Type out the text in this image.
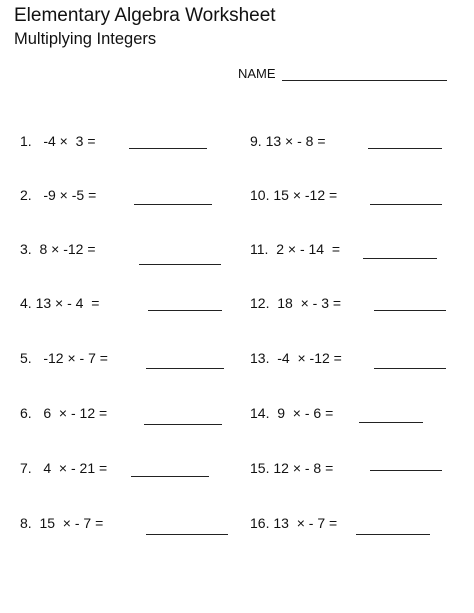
Elementary Algebra Worksheet
Multiplying Integers
NAME
1.   -4 ×  3 =	9. 13 × - 8 =
2.   -9 × -5 =	10. 15 × -12 =
3.  8 × -12 =	11.  2 × - 14  =
4. 13 × - 4  =	12.  18  × - 3 =
5.   -12 × - 7 =	13.  -4  × -12 =
6.   6  × - 12 =	14.  9  × - 6 =
7.   4  × - 21 =	15. 12 × - 8 =
8.  15  × - 7 =	16. 13  × - 7 =
